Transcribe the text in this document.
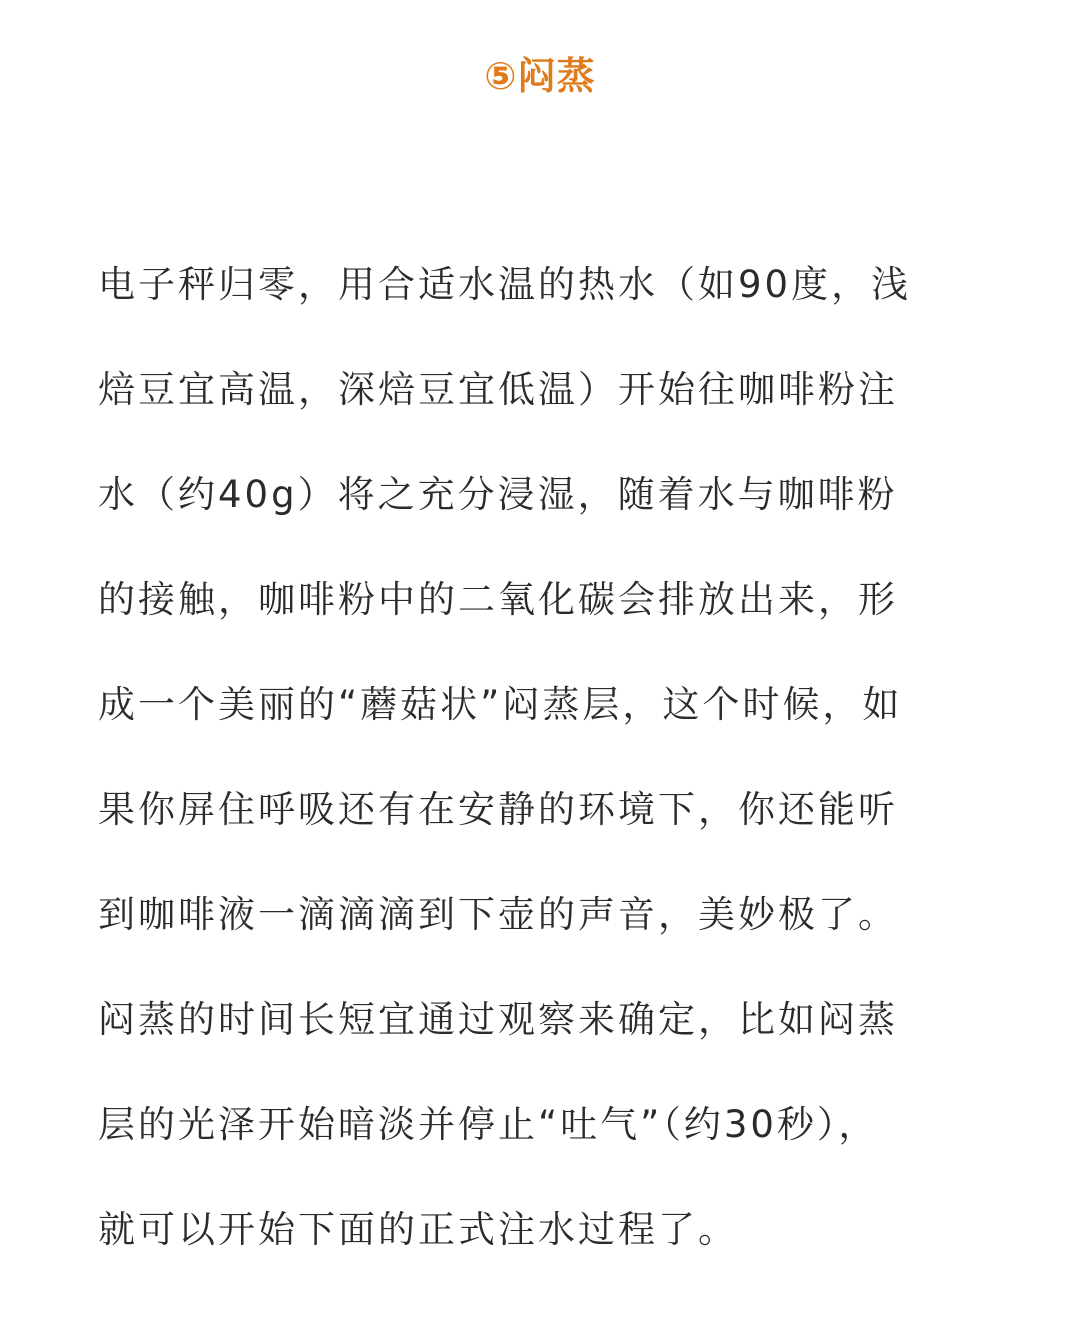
⑤闷蒸
电子秤归零，用合适水温的热水（如90度，浅
焙豆宜高温，深焙豆宜低温）开始往咖啡粉注
水（约40g）将之充分浸湿，随着水与咖啡粉
的接触，咖啡粉中的二氧化碳会排放出来，形
成一个美丽的“蘑菇状”闷蒸层，这个时候，如
果你屏住呼吸还有在安静的环境下，你还能听
到咖啡液一滴滴滴到下壶的声音，美妙极了。
闷蒸的时间长短宜通过观察来确定，比如闷蒸
层的光泽开始暗淡并停止“吐气”（约30秒），
就可以开始下面的正式注水过程了。
